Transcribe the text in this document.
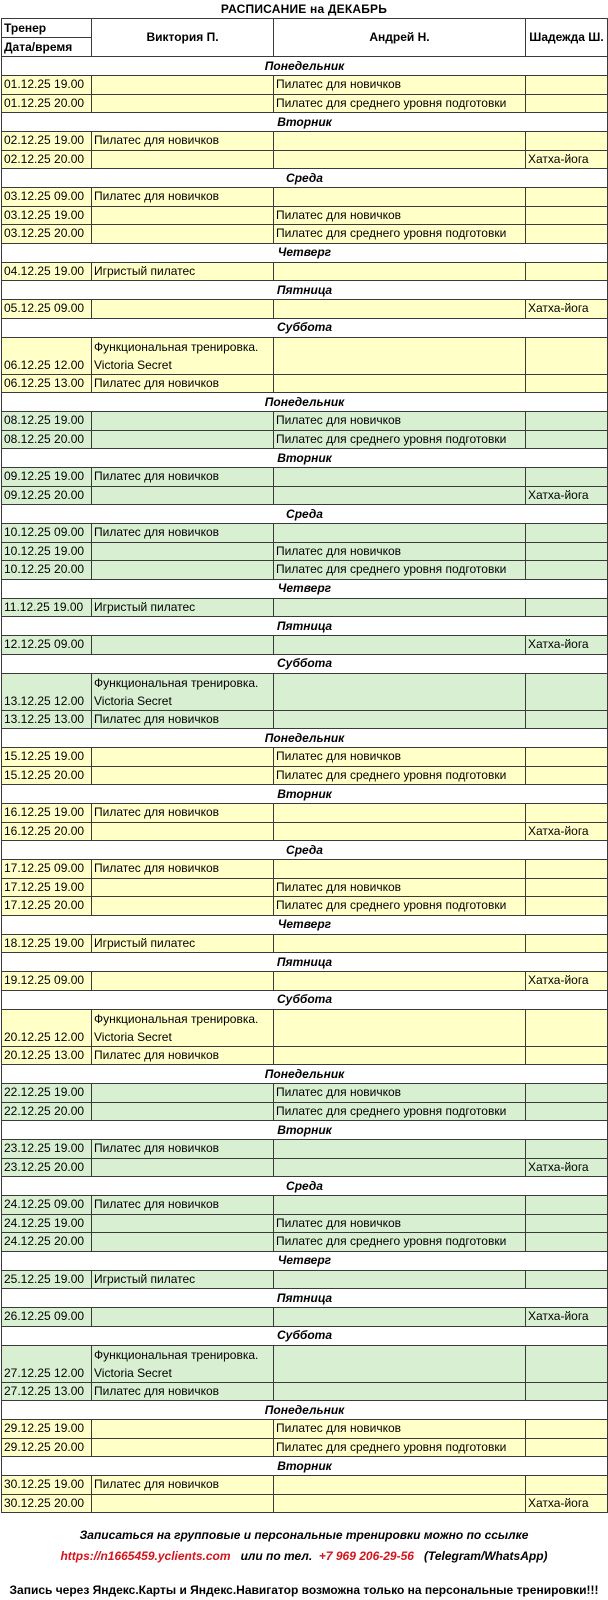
РАСПИСАНИЕ на ДЕКАБРЬ
Тренер
Дата/время	Виктория П.	Андрей Н.	Шадежда Ш.
Понедельник			
01.12.25 19.00		Пилатес для новичков	
01.12.25 20.00		Пилатес для среднего уровня подготовки	
Вторник			
02.12.25 19.00	Пилатес для новичков		
02.12.25 20.00			Хатха-йога
Среда			
03.12.25 09.00	Пилатес для новичков		
03.12.25 19.00		Пилатес для новичков	
03.12.25 20.00		Пилатес для среднего уровня подготовки	
Четверг			
04.12.25 19.00	Игристый пилатес		
Пятница			
05.12.25 09.00			Хатха-йога
Суббота			
06.12.25 12.00	Функциональная тренировка. Victoria Secret		
06.12.25 13.00	Пилатес для новичков		
Понедельник			
08.12.25 19.00		Пилатес для новичков	
08.12.25 20.00		Пилатес для среднего уровня подготовки	
Вторник			
09.12.25 19.00	Пилатес для новичков		
09.12.25 20.00			Хатха-йога
Среда			
10.12.25 09.00	Пилатес для новичков		
10.12.25 19.00		Пилатес для новичков	
10.12.25 20.00		Пилатес для среднего уровня подготовки	
Четверг			
11.12.25 19.00	Игристый пилатес		
Пятница			
12.12.25 09.00			Хатха-йога
Суббота			
13.12.25 12.00	Функциональная тренировка. Victoria Secret		
13.12.25 13.00	Пилатес для новичков		
Понедельник			
15.12.25 19.00		Пилатес для новичков	
15.12.25 20.00		Пилатес для среднего уровня подготовки	
Вторник			
16.12.25 19.00	Пилатес для новичков		
16.12.25 20.00			Хатха-йога
Среда			
17.12.25 09.00	Пилатес для новичков		
17.12.25 19.00		Пилатес для новичков	
17.12.25 20.00		Пилатес для среднего уровня подготовки	
Четверг			
18.12.25 19.00	Игристый пилатес		
Пятница			
19.12.25 09.00			Хатха-йога
Суббота			
20.12.25 12.00	Функциональная тренировка. Victoria Secret		
20.12.25 13.00	Пилатес для новичков		
Понедельник			
22.12.25 19.00		Пилатес для новичков	
22.12.25 20.00		Пилатес для среднего уровня подготовки	
Вторник			
23.12.25 19.00	Пилатес для новичков		
23.12.25 20.00			Хатха-йога
Среда			
24.12.25 09.00	Пилатес для новичков		
24.12.25 19.00		Пилатес для новичков	
24.12.25 20.00		Пилатес для среднего уровня подготовки	
Четверг			
25.12.25 19.00	Игристый пилатес		
Пятница			
26.12.25 09.00			Хатха-йога
Суббота			
27.12.25 12.00	Функциональная тренировка. Victoria Secret		
27.12.25 13.00	Пилатес для новичков		
Понедельник			
29.12.25 19.00		Пилатес для новичков	
29.12.25 20.00		Пилатес для среднего уровня подготовки	
Вторник			
30.12.25 19.00	Пилатес для новичков		
30.12.25 20.00			Хатха-йога
Записаться на групповые и персональные тренировки можно по ссылке
https://n1665459.yclients.com или по тел. +7 969 206-29-56 (Telegram/WhatsApp)
Запись через Яндекс.Карты и Яндекс.Навигатор возможна только на персональные тренировки!!!
